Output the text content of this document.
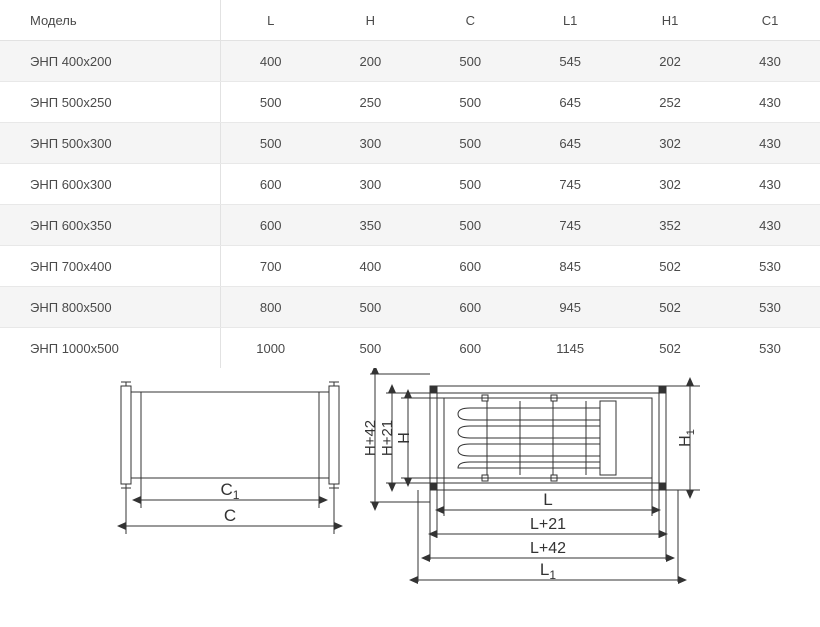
Модель	L	H	C	L1	H1	C1
ЭНП 400х200	400	200	500	545	202	430
ЭНП 500х250	500	250	500	645	252	430
ЭНП 500х300	500	300	500	645	302	430
ЭНП 600х300	600	300	500	745	302	430
ЭНП 600х350	600	350	500	745	352	430
ЭНП 700х400	700	400	600	845	502	530
ЭНП 800х500	800	500	600	945	502	530
ЭНП 1000х500	1000	500	600	1145	502	530
$C_1$
C
H+42 H+21 H	$H_1$
L
L+21
L+42
$L_1$
